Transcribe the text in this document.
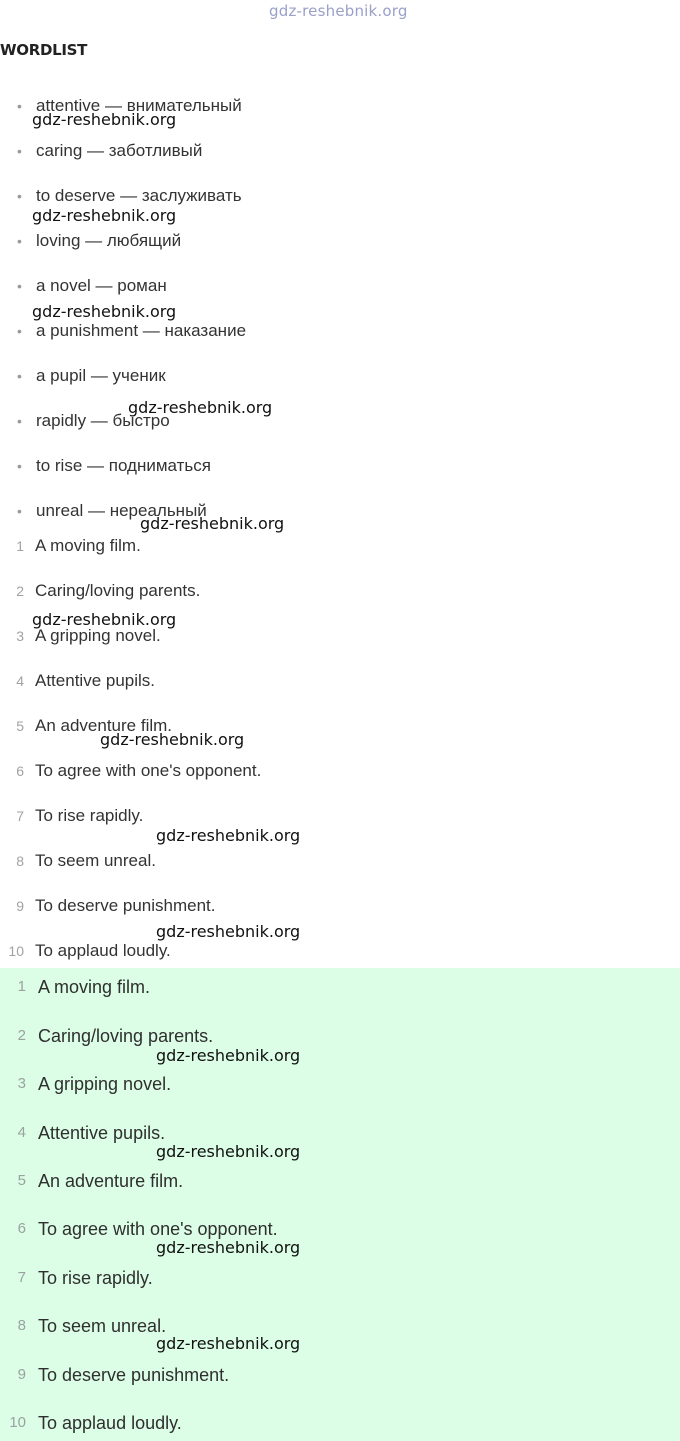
gdz-reshebnik.org
WORDLIST
• attentive — внимательный
• caring — заботливый
• to deserve — заслуживать
• loving — любящий
• a novel — роман
• a punishment — наказание
• a pupil — ученик
• rapidly — быстро
• to rise — подниматься
• unreal — нереальный
1 A moving film.
2 Caring/loving parents.
3 A gripping novel.
4 Attentive pupils.
5 An adventure film.
6 To agree with one's opponent.
7 To rise rapidly.
8 To seem unreal.
9 To deserve punishment.
10 To applaud loudly.
1 A moving film.
2 Caring/loving parents.
3 A gripping novel.
4 Attentive pupils.
5 An adventure film.
6 To agree with one's opponent.
7 To rise rapidly.
8 To seem unreal.
9 To deserve punishment.
10 To applaud loudly.
gdz-reshebnik.org
gdz-reshebnik.org
gdz-reshebnik.org
gdz-reshebnik.org
gdz-reshebnik.org
gdz-reshebnik.org
gdz-reshebnik.org
gdz-reshebnik.org
gdz-reshebnik.org
gdz-reshebnik.org
gdz-reshebnik.org
gdz-reshebnik.org
gdz-reshebnik.org
